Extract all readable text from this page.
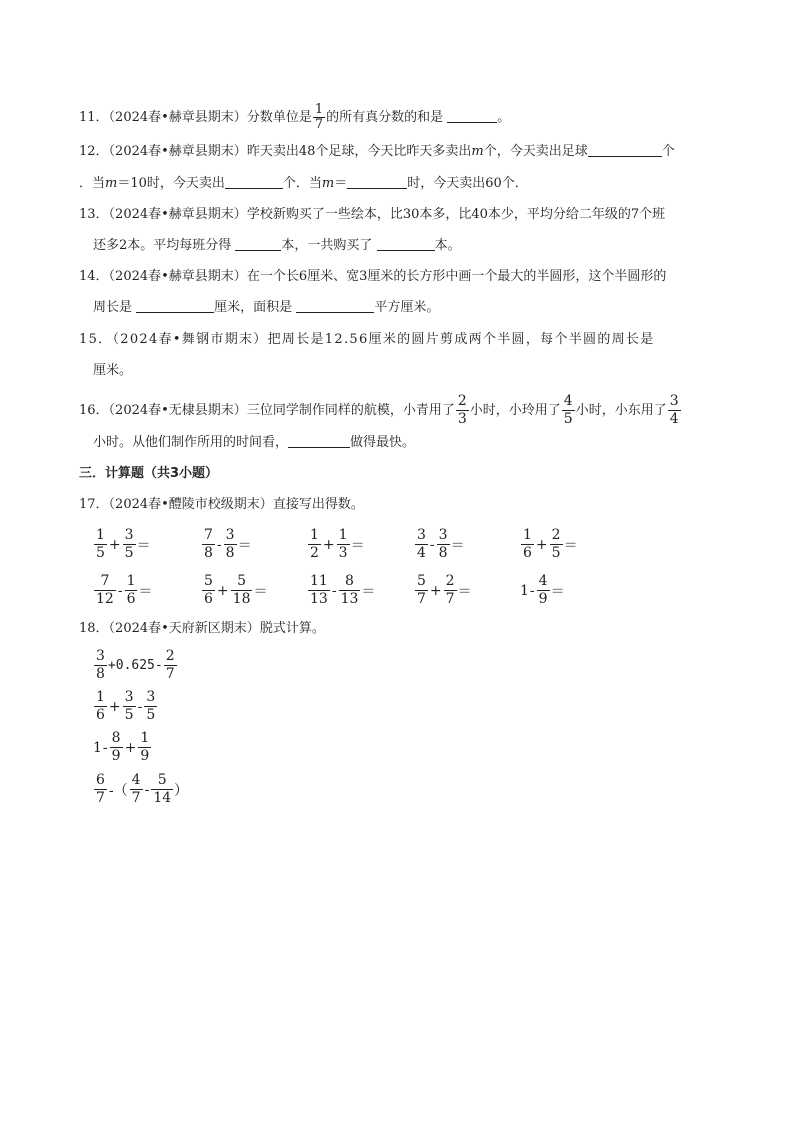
11．（2024春•赫章县期末）分数单位是 $\frac{1}{7}$ 的所有真分数的和是	。
12．（2024春•赫章县期末）昨天卖出48个足球，今天比昨天多卖出m个，今天卖出足球	个
．当m＝10时，今天卖出	个．当m＝	时，今天卖出60个．
13．（2024春•赫章县期末）学校新购买了一些绘本，比30本多，比40本少，平均分给二年级的7个班
还多2本。平均每班分得	本，一共购买了	本。
14．（2024春•赫章县期末）在一个长6厘米、宽3厘米的长方形中画一个最大的半圆形，这个半圆形的
周长是	厘米，面积是	平方厘米。
15．（2024春•舞钢市期末）把周长是12.56厘米的圆片剪成两个半圆，每个半圆的周长是
厘米。
16．（2024春•无棣县期末）三位同学制作同样的航模，小青用了 $\frac{2}{3}$ 小时，小玲用了 $\frac{4}{5}$ 小时，小东用了 $\frac{3}{4}$
小时。从他们制作所用的时间看，	做得最快。
三．计算题（共3小题）
17．（2024春•醴陵市校级期末）直接写出得数。
$\frac{1}{5} + \frac{3}{5}$ ＝	$\frac{7}{8} - \frac{3}{8}$ ＝	$\frac{1}{2} + \frac{1}{3}$ ＝	$\frac{3}{4} - \frac{3}{8}$ ＝	$\frac{1}{6} + \frac{2}{5}$ ＝
$\frac{7}{12} - \frac{1}{6}$ ＝	$\frac{5}{6} + \frac{5}{18}$ ＝	$\frac{11}{13} - \frac{8}{13}$ ＝	$\frac{5}{7} + \frac{2}{7}$ ＝	$1 - \frac{4}{9}$ ＝
18．（2024春•天府新区期末）脱式计算。
$\frac{3}{8} +0.625- \frac{2}{7}$
$\frac{1}{6} + \frac{3}{5} - \frac{3}{5}$
$1 - \frac{8}{9} + \frac{1}{9}$
$\frac{6}{7}$ -（ $\frac{4}{7} - \frac{5}{14}$ ）
